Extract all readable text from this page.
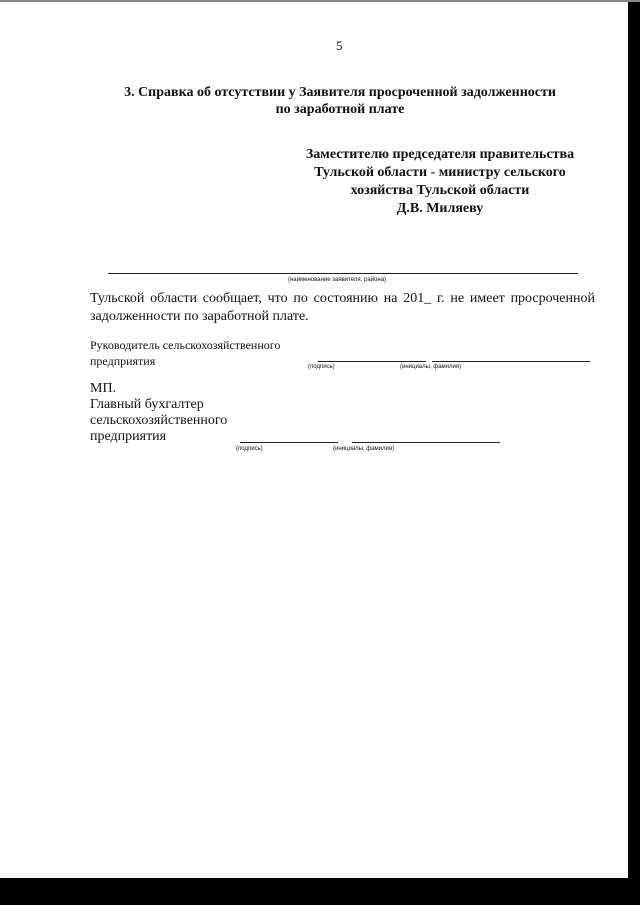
5
3. Справка об отсутствии у Заявителя просроченной задолженности
по заработной плате
Заместителю председателя правительства
Тульской области - министру сельского
хозяйства Тульской области
Д.В. Миляеву
(наименование заявителя, района)
Тульской области сообщает, что по состоянию на 201_ г. не имеет просроченной задолженности по заработной плате.
Руководитель сельскохозяйственного
предприятия	(подпись)	(инициалы, фамилия)
МП.
Главный бухгалтер
сельскохозяйственного
предприятия
(подпись)	(инициалы, фамилия)
